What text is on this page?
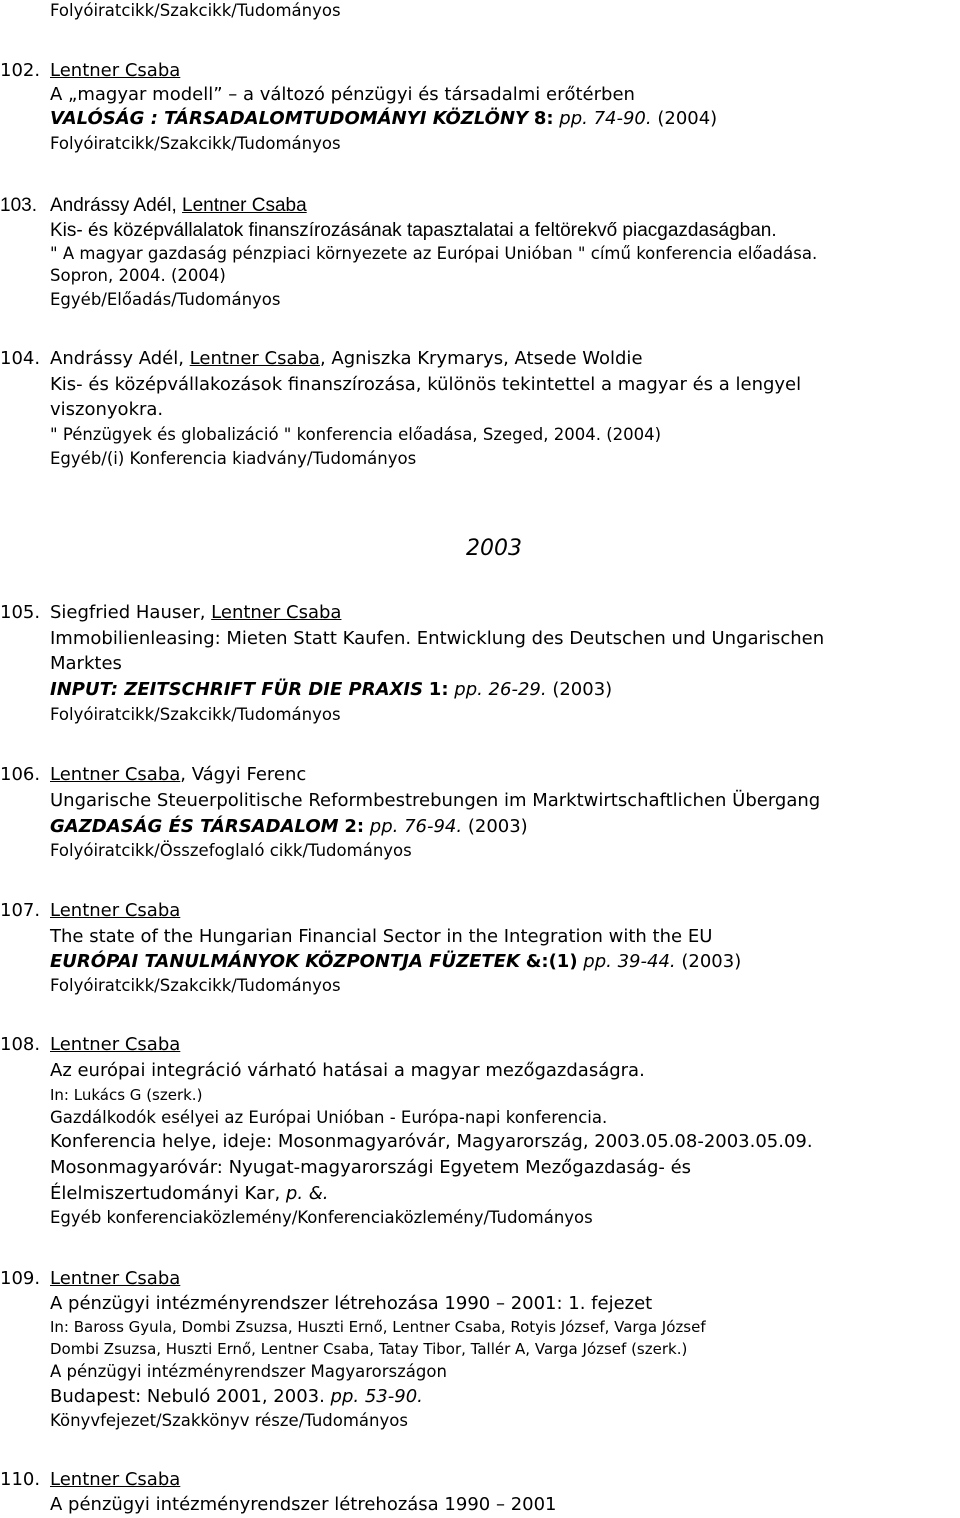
Folyóiratcikk/Szakcikk/Tudományos
102. Lentner Csaba
A „magyar modell” – a változó pénzügyi és társadalmi erőtérben
VALÓSÁG : TÁRSADALOMTUDOMÁNYI KÖZLÖNY 8: pp. 74-90. (2004)
Folyóiratcikk/Szakcikk/Tudományos
103. Andrássy Adél, Lentner Csaba
Kis- és középvállalatok finanszírozásának tapasztalatai a feltörekvő piacgazdaságban.
" A magyar gazdaság pénzpiaci környezete az Európai Unióban " című konferencia előadása.
Sopron, 2004. (2004)
Egyéb/Előadás/Tudományos
104. Andrássy Adél, Lentner Csaba, Agniszka Krymarys, Atsede Woldie
Kis- és középvállakozások finanszírozása, különös tekintettel a magyar és a lengyel
viszonyokra.
" Pénzügyek és globalizáció " konferencia előadása, Szeged, 2004. (2004)
Egyéb/(i) Konferencia kiadvány/Tudományos
2003
105. Siegfried Hauser, Lentner Csaba
Immobilienleasing: Mieten Statt Kaufen. Entwicklung des Deutschen und Ungarischen
Marktes
INPUT: ZEITSCHRIFT FÜR DIE PRAXIS 1: pp. 26-29. (2003)
Folyóiratcikk/Szakcikk/Tudományos
106. Lentner Csaba, Vágyi Ferenc
Ungarische Steuerpolitische Reformbestrebungen im Marktwirtschaftlichen Übergang
GAZDASÁG ÉS TÁRSADALOM 2: pp. 76-94. (2003)
Folyóiratcikk/Összefoglaló cikk/Tudományos
107. Lentner Csaba
The state of the Hungarian Financial Sector in the Integration with the EU
EURÓPAI TANULMÁNYOK KÖZPONTJA FÜZETEK &:(1) pp. 39-44. (2003)
Folyóiratcikk/Szakcikk/Tudományos
108. Lentner Csaba
Az európai integráció várható hatásai a magyar mezőgazdaságra.
In: Lukács G (szerk.)
Gazdálkodók esélyei az Európai Unióban - Európa-napi konferencia.
Konferencia helye, ideje: Mosonmagyaróvár, Magyarország, 2003.05.08-2003.05.09.
Mosonmagyaróvár: Nyugat-magyarországi Egyetem Mezőgazdaság- és
Élelmiszertudományi Kar, p. &.
Egyéb konferenciaközlemény/Konferenciaközlemény/Tudományos
109. Lentner Csaba
A pénzügyi intézményrendszer létrehozása 1990 – 2001: 1. fejezet
In: Baross Gyula, Dombi Zsuzsa, Huszti Ernő, Lentner Csaba, Rotyis József, Varga József
Dombi Zsuzsa, Huszti Ernő, Lentner Csaba, Tatay Tibor, Tallér A, Varga József (szerk.)
A pénzügyi intézményrendszer Magyarországon
Budapest: Nebuló 2001, 2003. pp. 53-90.
Könyvfejezet/Szakkönyv része/Tudományos
110. Lentner Csaba
A pénzügyi intézményrendszer létrehozása 1990 – 2001
